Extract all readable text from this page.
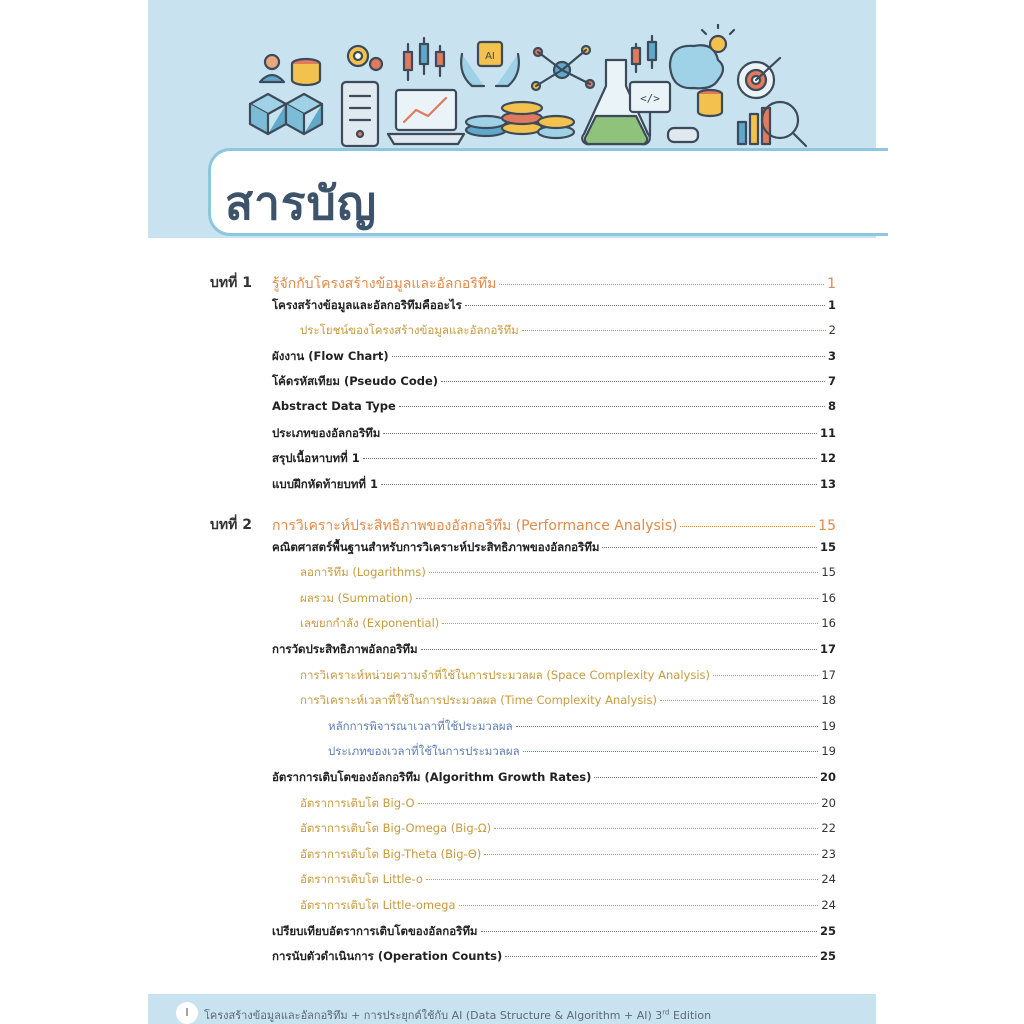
AI
</>
สารบัญ
บทที่ 1 รู้จักกับโครงสร้างข้อมูลและอัลกอริทึม	1
โครงสร้างข้อมูลและอัลกอริทึมคืออะไร	1
ประโยชน์ของโครงสร้างข้อมูลและอัลกอริทึม	2
ผังงาน (Flow Chart)	3
โค้ดรหัสเทียม (Pseudo Code)	7
Abstract Data Type	8
ประเภทของอัลกอริทึม	11
สรุปเนื้อหาบทที่ 1	12
แบบฝึกหัดท้ายบทที่ 1	13
บทที่ 2 การวิเคราะห์ประสิทธิภาพของอัลกอริทึม (Performance Analysis)	15
คณิตศาสตร์พื้นฐานสำหรับการวิเคราะห์ประสิทธิภาพของอัลกอริทึม	15
ลอการิทึม (Logarithms)	15
ผลรวม (Summation)	16
เลขยกกำลัง (Exponential)	16
การวัดประสิทธิภาพอัลกอริทึม	17
การวิเคราะห์หน่วยความจำที่ใช้ในการประมวลผล (Space Complexity Analysis)	17
การวิเคราะห์เวลาที่ใช้ในการประมวลผล (Time Complexity Analysis)	18
หลักการพิจารณาเวลาที่ใช้ประมวลผล	19
ประเภทของเวลาที่ใช้ในการประมวลผล	19
อัตราการเติบโตของอัลกอริทึม (Algorithm Growth Rates)	20
อัตราการเติบโต Big-O	20
อัตราการเติบโต Big-Omega (Big-Ω)	22
อัตราการเติบโต Big-Theta (Big-Θ)	23
อัตราการเติบโต Little-o	24
อัตราการเติบโต Little-omega	24
เปรียบเทียบอัตราการเติบโตของอัลกอริทึม	25
การนับตัวดำเนินการ (Operation Counts)	25
I	โครงสร้างข้อมูลและอัลกอริทึม + การประยุกต์ใช้กับ AI (Data Structure & Algorithm + AI) 3rd Edition
